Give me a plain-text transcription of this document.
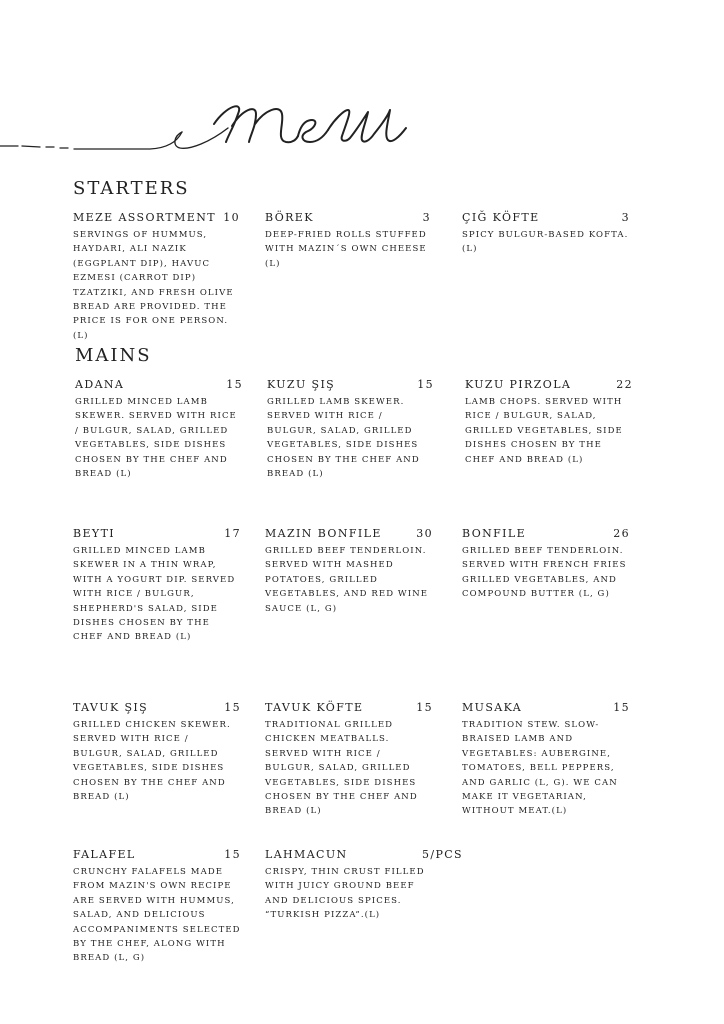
STARTERS
MAINS
MEZE ASSORTMENT 10
SERVINGS OF HUMMUS, HAYDARI, ALI NAZIK (EGGPLANT DIP), HAVUC EZMESI (CARROT DIP) TZATZIKI, AND FRESH OLIVE BREAD ARE PROVIDED. THE PRICE IS FOR ONE PERSON. (L)
BÖREK	3
DEEP-FRIED ROLLS STUFFED WITH MAZIN´S OWN CHEESE (L)
ÇIĞ KÖFTE	3
SPICY BULGUR-BASED KOFTA. (L)
ADANA	15
GRILLED MINCED LAMB SKEWER. SERVED WITH RICE / BULGUR, SALAD, GRILLED VEGETABLES, SIDE DISHES CHOSEN BY THE CHEF AND BREAD (L)
KUZU ŞIŞ	15
GRILLED LAMB SKEWER. SERVED WITH RICE / BULGUR, SALAD, GRILLED VEGETABLES, SIDE DISHES CHOSEN BY THE CHEF AND BREAD (L)
KUZU PIRZOLA	22
LAMB CHOPS. SERVED WITH RICE / BULGUR, SALAD, GRILLED VEGETABLES, SIDE DISHES CHOSEN BY THE CHEF AND BREAD (L)
BEYTI	17
GRILLED MINCED LAMB SKEWER IN A THIN WRAP, WITH A YOGURT DIP. SERVED WITH RICE / BULGUR, SHEPHERD'S SALAD, SIDE DISHES CHOSEN BY THE CHEF AND BREAD (L)
MAZIN BONFILE	30
GRILLED BEEF TENDERLOIN. SERVED WITH MASHED POTATOES, GRILLED VEGETABLES, AND RED WINE SAUCE (L, G)
BONFILE	26
GRILLED BEEF TENDERLOIN. SERVED WITH FRENCH FRIES GRILLED VEGETABLES, AND COMPOUND BUTTER (L, G)
TAVUK ŞIŞ	15
GRILLED CHICKEN SKEWER. SERVED WITH RICE / BULGUR, SALAD, GRILLED VEGETABLES, SIDE DISHES CHOSEN BY THE CHEF AND BREAD (L)
TAVUK KÖFTE	15
TRADITIONAL GRILLED CHICKEN MEATBALLS. SERVED WITH RICE / BULGUR, SALAD, GRILLED VEGETABLES, SIDE DISHES CHOSEN BY THE CHEF AND BREAD (L)
MUSAKA	15
TRADITION STEW. SLOW-BRAISED LAMB AND VEGETABLES: AUBERGINE, TOMATOES, BELL PEPPERS, AND GARLIC (L, G). WE CAN MAKE IT VEGETARIAN, WITHOUT MEAT.(L)
FALAFEL	15
CRUNCHY FALAFELS MADE FROM MAZIN'S OWN RECIPE ARE SERVED WITH HUMMUS, SALAD, AND DELICIOUS ACCOMPANIMENTS SELECTED BY THE CHEF, ALONG WITH BREAD (L, G)
LAHMACUN	5/PCS
CRISPY, THIN CRUST FILLED WITH JUICY GROUND BEEF AND DELICIOUS SPICES. “TURKISH PIZZA”.(L)
